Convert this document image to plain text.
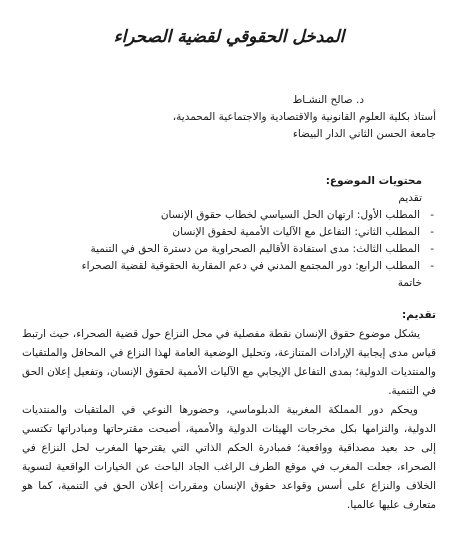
المدخل الحقوقي لقضية الصحراء
د. صالح النشـاط
أستاذ بكلية العلوم القانونية والاقتصادية والاجتماعية المحمدية،
جامعة الحسن الثاني الدار البيضاء
محتويات الموضوع:
تقديم
-
المطلب الأول: ارتهان الحل السياسي لخطاب حقوق الإنسان
-
المطلب الثاني: التفاعل مع الآليات الأممية لحقوق الإنسان
-
المطلب الثالث: مدى استفادة الأقاليم الصحراوية من دسترة الحق في التنمية
-
المطلب الرابع: دور المجتمع المدني في دعم المقاربة الحقوقية لقضية الصحراء
خاتمة
تقديم:

يشكل موضوع حقوق الإنسان نقطة مفصلية في محل النزاع حول قضية الصحراء، حيث ارتبط قياس مدى إيجابية الإرادات المتنازعة، وتحليل الوضعية العامة لهذا النزاع في المحافل والملتقيات والمنتديات الدولية؛ بمدى التفاعل الإيجابي مع الآليات الأممية لحقوق الإنسان، وتفعيل إعلان الحق في التنمية.

ويحكم دور المملكة المغربية الدبلوماسي، وحضورها النوعي في الملتقيات والمنتديات الدولية، والتزامها بكل مخرجات الهيئات الدولية والأممية، أصبحت مقترحاتها ومبادراتها تكتسي إلى حد بعيد مصداقية وواقعية؛ فمبادرة الحكم الذاتي التي يقترحها المغرب لحل النزاع في الصحراء، جعلت المغرب في موقع الطرف الراغب الجاد الباحث عن الخيارات الواقعية لتسوية الخلاف والنزاع على أسس وقواعد حقوق الإنسان ومقررات إعلان الحق في التنمية، كما هو متعارف عليها عالميا.
